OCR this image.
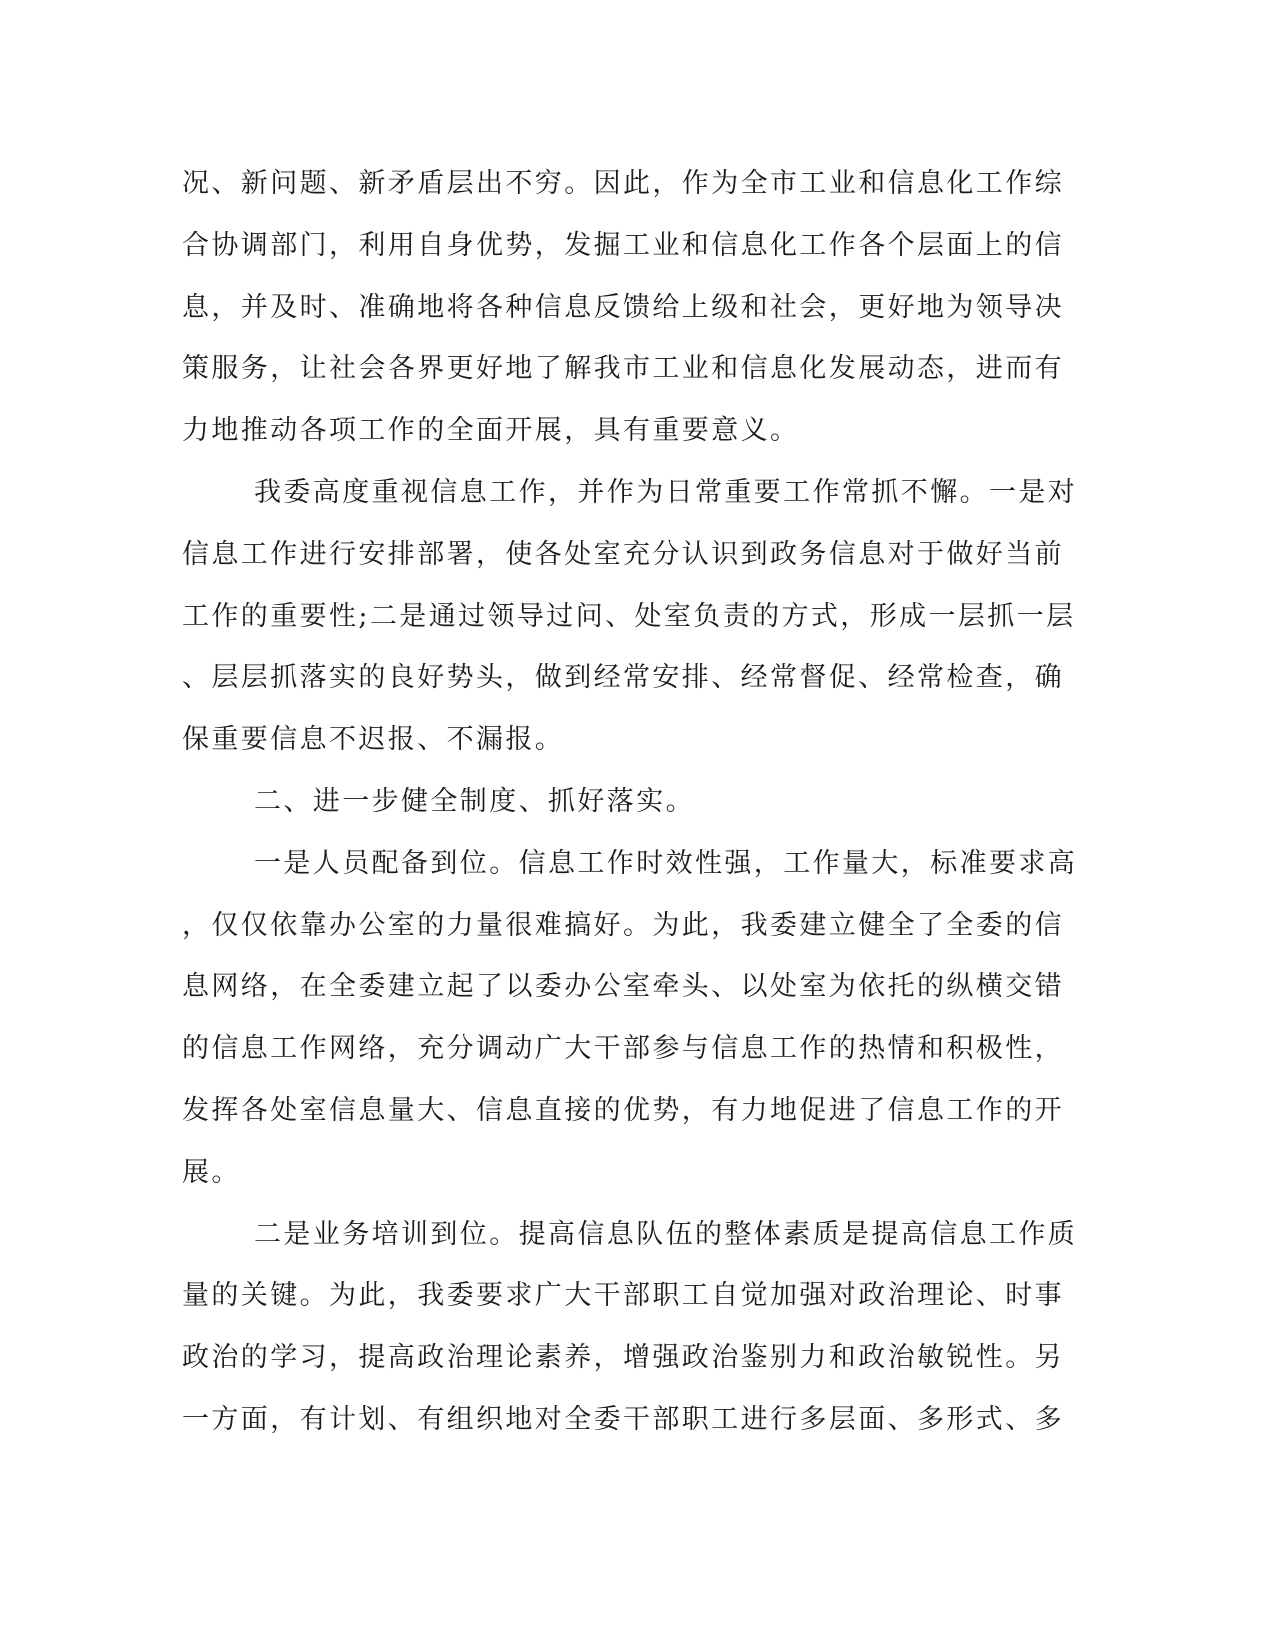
况、新问题、新矛盾层出不穷。因此，作为全市工业和信息化工作综
合协调部门，利用自身优势，发掘工业和信息化工作各个层面上的信
息，并及时、准确地将各种信息反馈给上级和社会，更好地为领导决
策服务，让社会各界更好地了解我市工业和信息化发展动态，进而有
力地推动各项工作的全面开展，具有重要意义。
我委高度重视信息工作，并作为日常重要工作常抓不懈。一是对
信息工作进行安排部署，使各处室充分认识到政务信息对于做好当前
工作的重要性;二是通过领导过问、处室负责的方式，形成一层抓一层
、层层抓落实的良好势头，做到经常安排、经常督促、经常检查，确
保重要信息不迟报、不漏报。
二、进一步健全制度、抓好落实。
一是人员配备到位。信息工作时效性强，工作量大，标准要求高
，仅仅依靠办公室的力量很难搞好。为此，我委建立健全了全委的信
息网络，在全委建立起了以委办公室牵头、以处室为依托的纵横交错
的信息工作网络，充分调动广大干部参与信息工作的热情和积极性，
发挥各处室信息量大、信息直接的优势，有力地促进了信息工作的开
展。
二是业务培训到位。提高信息队伍的整体素质是提高信息工作质
量的关键。为此，我委要求广大干部职工自觉加强对政治理论、时事
政治的学习，提高政治理论素养，增强政治鉴别力和政治敏锐性。另
一方面，有计划、有组织地对全委干部职工进行多层面、多形式、多
